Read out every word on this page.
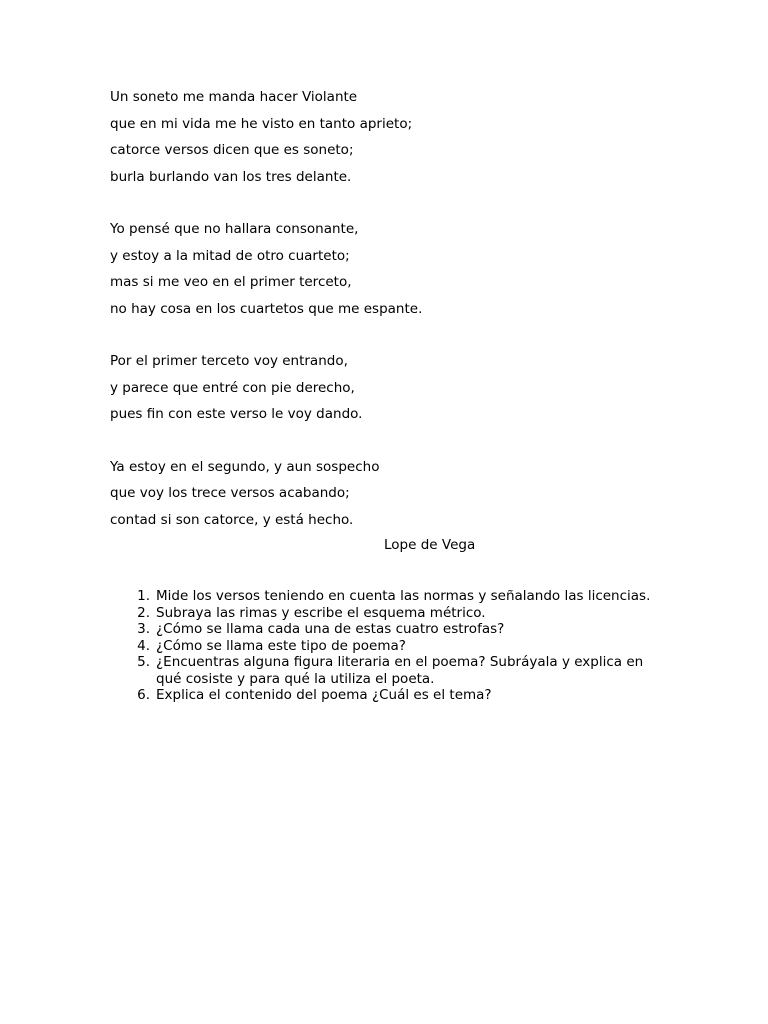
Un soneto me manda hacer Violante
que en mi vida me he visto en tanto aprieto;
catorce versos dicen que es soneto;
burla burlando van los tres delante.
Yo pensé que no hallara consonante,
y estoy a la mitad de otro cuarteto;
mas si me veo en el primer terceto,
no hay cosa en los cuartetos que me espante.
Por el primer terceto voy entrando,
y parece que entré con pie derecho,
pues fin con este verso le voy dando.
Ya estoy en el segundo, y aun sospecho
que voy los trece versos acabando;
contad si son catorce, y está hecho.
Lope de Vega
1. Mide los versos teniendo en cuenta las normas y señalando las licencias.
2. Subraya las rimas y escribe el esquema métrico.
3. ¿Cómo se llama cada una de estas cuatro estrofas?
4. ¿Cómo se llama este tipo de poema?
5. ¿Encuentras alguna figura literaria en el poema? Subráyala y explica en qué cosiste y para qué la utiliza el poeta.
6. Explica el contenido del poema ¿Cuál es el tema?
